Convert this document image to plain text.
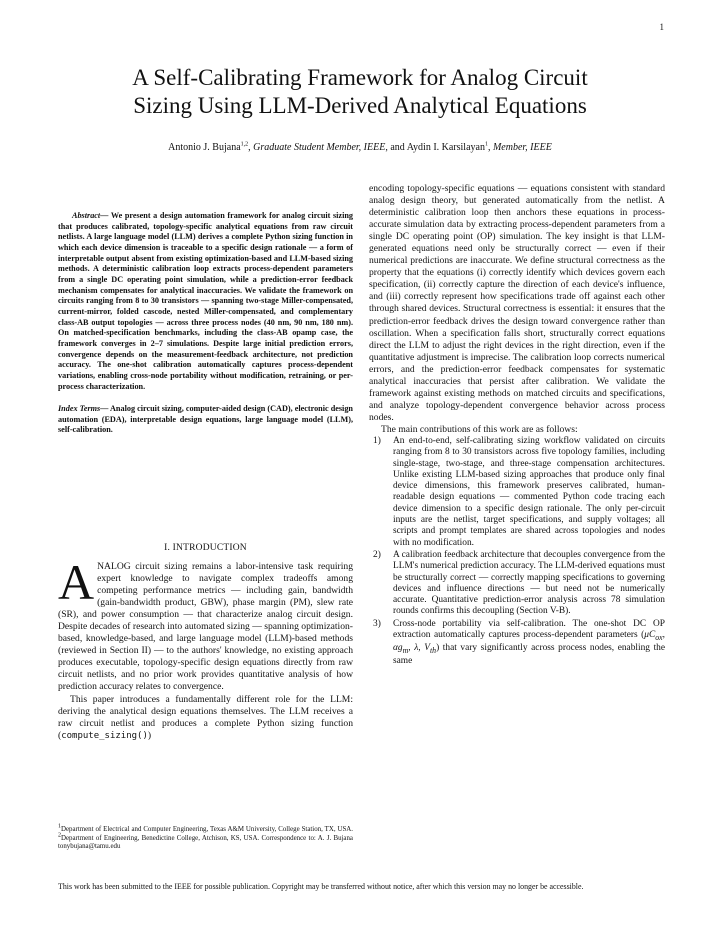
1
A Self-Calibrating Framework for Analog Circuit
Sizing Using LLM-Derived Analytical Equations
Antonio J. Bujana$^{1,2}$, Graduate Student Member, IEEE, and Aydin I. Karsilayan$^1$, Member, IEEE

Abstract— We present a design automation framework for analog circuit sizing that produces calibrated, topology-specific analytical equations from raw circuit netlists. A large language model (LLM) derives a complete Python sizing function in which each device dimension is traceable to a specific design rationale — a form of interpretable output absent from existing optimization-based and LLM-based sizing methods. A deterministic calibration loop extracts process-dependent parameters from a single DC operating point simulation, while a prediction-error feedback mechanism compensates for analytical inaccuracies. We validate the framework on circuits ranging from 8 to 30 transistors — spanning two-stage Miller-compensated, current-mirror, folded cascode, nested Miller-compensated, and complementary class-AB output topologies — across three process nodes (40 nm, 90 nm, 180 nm). On matched-specification benchmarks, including the class-AB opamp case, the framework converges in 2–7 simulations. Despite large initial prediction errors, convergence depends on the measurement-feedback architecture, not prediction accuracy. The one-shot calibration automatically captures process-dependent variations, enabling cross-node portability without modification, retraining, or per-process characterization.

Index Terms— Analog circuit sizing, computer-aided design (CAD), electronic design automation (EDA), interpretable design equations, large language model (LLM), self-calibration.

I. INTRODUCTION

ANALOG circuit sizing remains a labor-intensive task requiring expert knowledge to navigate complex tradeoffs among competing performance metrics — including gain, bandwidth (gain-bandwidth product, GBW), phase margin (PM), slew rate (SR), and power consumption — that characterize analog circuit design. Despite decades of research into automated sizing — spanning optimization-based, knowledge-based, and large language model (LLM)-based methods (reviewed in Section II) — to the authors' knowledge, no existing approach produces executable, topology-specific design equations directly from raw circuit netlists, and no prior work provides quantitative analysis of how prediction accuracy relates to convergence.

This paper introduces a fundamentally different role for the LLM: deriving the analytical design equations themselves. The LLM receives a raw circuit netlist and produces a complete Python sizing function (compute_sizing())

$^1$Department of Electrical and Computer Engineering, Texas A&M University, College Station, TX, USA. $^2$Department of Engineering, Benedictine College, Atchison, KS, USA. Correspondence to: A. J. Bujana tonybujana@tamu.edu

encoding topology-specific equations — equations consistent with standard analog design theory, but generated automatically from the netlist. A deterministic calibration loop then anchors these equations in process-accurate simulation data by extracting process-dependent parameters from a single DC operating point (OP) simulation. The key insight is that LLM-generated equations need only be structurally correct — even if their numerical predictions are inaccurate. We define structural correctness as the property that the equations (i) correctly identify which devices govern each specification, (ii) correctly capture the direction of each device's influence, and (iii) correctly represent how specifications trade off against each other through shared devices. Structural correctness is essential: it ensures that the prediction-error feedback drives the design toward convergence rather than oscillation. When a specification falls short, structurally correct equations direct the LLM to adjust the right devices in the right direction, even if the quantitative adjustment is imprecise. The calibration loop corrects numerical errors, and the prediction-error feedback compensates for systematic analytical inaccuracies that persist after calibration. We validate the framework against existing methods on matched circuits and specifications, and analyze topology-dependent convergence behavior across process nodes.

The main contributions of this work are as follows:

1) An end-to-end, self-calibrating sizing workflow validated on circuits ranging from 8 to 30 transistors across five topology families, including single-stage, two-stage, and three-stage compensation architectures. Unlike existing LLM-based sizing approaches that produce only final device dimensions, this framework preserves calibrated, human-readable design equations — commented Python code tracing each device dimension to a specific design rationale. The only per-circuit inputs are the netlist, target specifications, and supply voltages; all scripts and prompt templates are shared across topologies and nodes with no modification.
2) A calibration feedback architecture that decouples convergence from the LLM's numerical prediction accuracy. The LLM-derived equations must be structurally correct — correctly mapping specifications to governing devices and influence directions — but need not be numerically accurate. Quantitative prediction-error analysis across 78 simulation rounds confirms this decoupling (Section V-B).
3) Cross-node portability via self-calibration. The one-shot DC OP extraction automatically captures process-dependent parameters ($\mu C_{ox}$, $\alpha g_m$, λ, $V_{th}$) that vary significantly across process nodes, enabling the same
This work has been submitted to the IEEE for possible publication. Copyright may be transferred without notice, after which this version may no longer be accessible.
